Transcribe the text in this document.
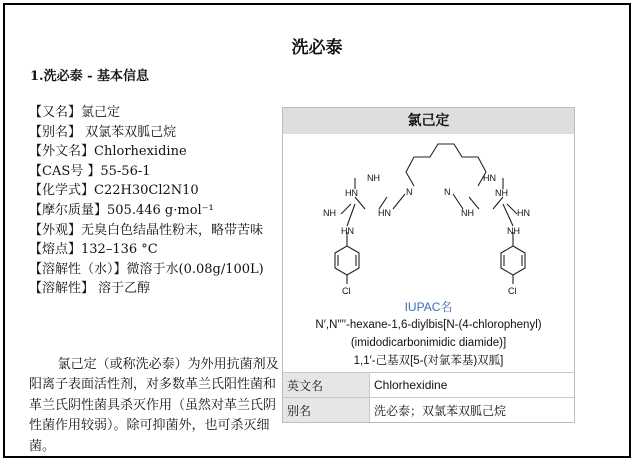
洗必泰
1.洗必泰 - 基本信息
【又名】氯己定
【别名】 双氯苯双胍己烷
【外文名】Chlorhexidine
【CAS号 】55-56-1
【化学式】C22H30Cl2N10
【摩尔质量】505.446 g·mol⁻¹
【外观】无臭白色结晶性粉末，略带苦味
【熔点】132–136 °C
【溶解性（水）】微溶于水(0.08g/100L)
【溶解性】 溶于乙醇
氯己定（或称洗必泰）为外用抗菌剂及阳离子表面活性剂，对多数革兰氏阳性菌和革兰氏阴性菌具杀灭作用（虽然对革兰氏阴性菌作用较弱）。除可抑菌外，也可杀灭细菌。
氯己定
NH
HN
N	N
NH
HN
HN	NH
NH	HN
HN	NH
Cl	Cl
IUPAC名
N′,N′′′′-hexane-1,6-diylbis[N-(4-chlorophenyl)
(imidodicarbonimidic diamide)]
1,1′-己基双[5-(对氯苯基)双胍]
英文名	Chlorhexidine
别名	洗必泰；双氯苯双胍己烷
